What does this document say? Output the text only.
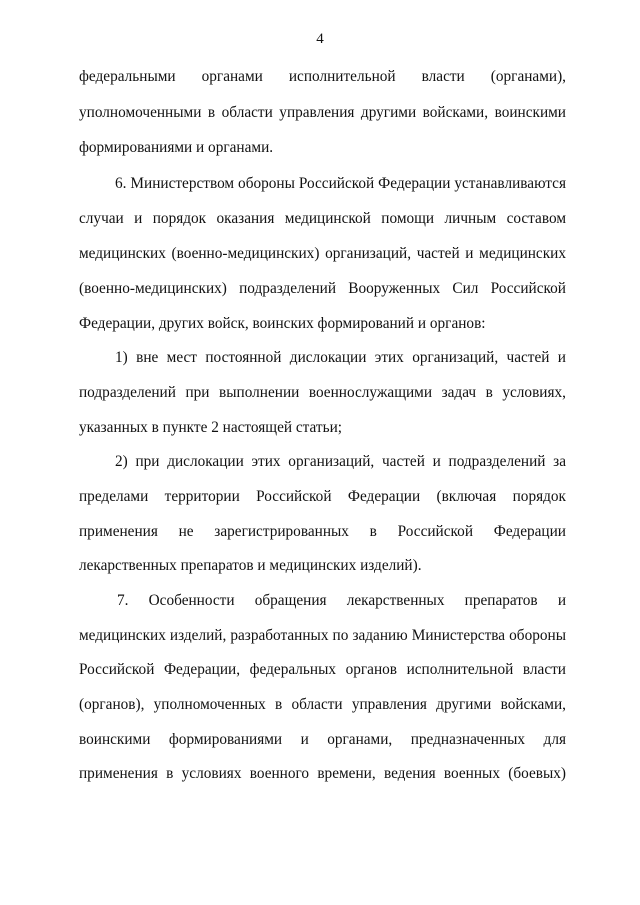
4
федеральными органами исполнительной власти (органами),
уполномоченными в области управления другими войсками, воинскими
формированиями и органами.
6. Министерством обороны Российской Федерации устанавливаются
случаи и порядок оказания медицинской помощи личным составом
медицинских (военно-медицинских) организаций, частей и медицинских
(военно-медицинских) подразделений Вооруженных Сил Российской
Федерации, других войск, воинских формирований и органов:
1) вне мест постоянной дислокации этих организаций, частей и
подразделений при выполнении военнослужащими задач в условиях,
указанных в пункте 2 настоящей статьи;
2) при дислокации этих организаций, частей и подразделений за
пределами территории Российской Федерации (включая порядок
применения не зарегистрированных в Российской Федерации
лекарственных препаратов и медицинских изделий).
7. Особенности обращения лекарственных препаратов и
медицинских изделий, разработанных по заданию Министерства обороны
Российской Федерации, федеральных органов исполнительной власти
(органов), уполномоченных в области управления другими войсками,
воинскими формированиями и органами, предназначенных для
применения в условиях военного времени, ведения военных (боевых)
